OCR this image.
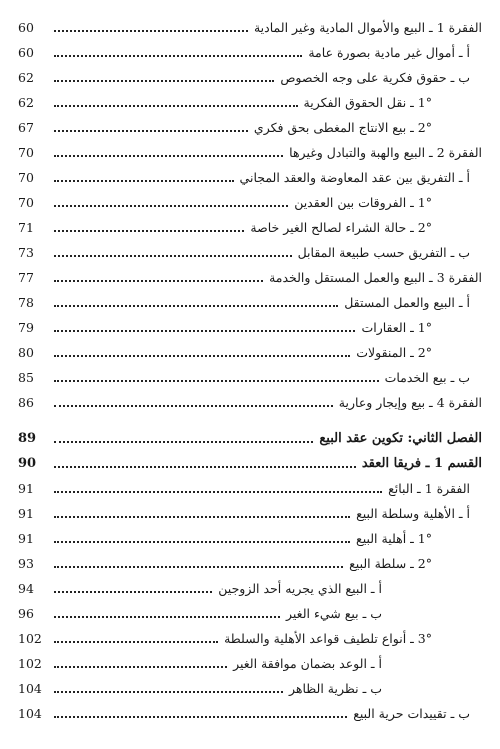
الفقرة 1 ـ البيع والأموال المادية وغير المادية
60
أ ـ أموال غير مادية بصورة عامة
60
ب ـ حقوق فكرية على وجه الخصوص
62
1° ـ نقل الحقوق الفكرية
62
2° ـ بيع الانتاج المغطى بحق فكري
67
الفقرة 2 ـ البيع والهبة والتبادل وغيرها
70
أ ـ التفريق بين عقد المعاوضة والعقد المجاني
70
1° ـ الفروقات بين العقدين
70
2° ـ حالة الشراء لصالح الغير خاصة
71
ب ـ التفريق حسب طبيعة المقابل
73
الفقرة 3 ـ البيع والعمل المستقل والخدمة
77
أ ـ البيع والعمل المستقل
78
1° ـ العقارات
79
2° ـ المنقولات
80
ب ـ بيع الخدمات
85
الفقرة 4 ـ بيع وإيجار وعارية
86
الفصل الثاني: تكوين عقد البيع
89
القسم 1 ـ فريقا العقد
90
الفقرة 1 ـ البائع
91
أ ـ الأهلية وسلطة البيع
91
1° ـ أهلية البيع
91
2° ـ سلطة البيع
93
أ ـ البيع الذي يجريه أحد الزوجين
94
ب ـ بيع شيء الغير
96
3° ـ أنواع تلطيف قواعد الأهلية والسلطة
102
أ ـ الوعد بضمان موافقة الغير
102
ب ـ نظرية الظاهر
104
ب ـ تقييدات حرية البيع
104
